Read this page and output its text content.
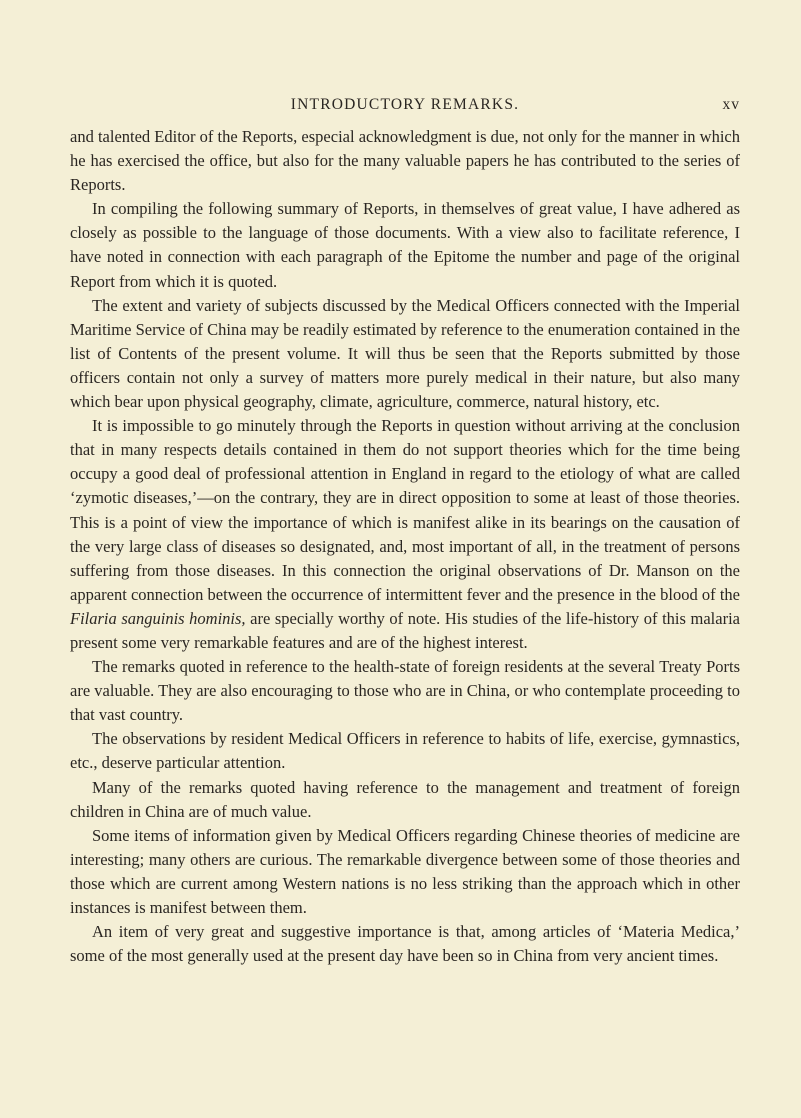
INTRODUCTORY REMARKS.	xv

and talented Editor of the Reports, especial acknowledgment is due, not only for the manner in which he has exercised the office, but also for the many valuable papers he has contributed to the series of Reports.

In compiling the following summary of Reports, in themselves of great value, I have adhered as closely as possible to the language of those documents. With a view also to facilitate reference, I have noted in connection with each paragraph of the Epitome the number and page of the original Report from which it is quoted.

The extent and variety of subjects discussed by the Medical Officers connected with the Imperial Maritime Service of China may be readily estimated by reference to the enumeration contained in the list of Contents of the present volume. It will thus be seen that the Reports submitted by those officers contain not only a survey of matters more purely medical in their nature, but also many which bear upon physical geography, climate, agriculture, commerce, natural history, etc.

It is impossible to go minutely through the Reports in question without arriving at the conclusion that in many respects details contained in them do not support theories which for the time being occupy a good deal of professional attention in England in regard to the etiology of what are called ‘zymotic diseases,’—on the contrary, they are in direct opposition to some at least of those theories. This is a point of view the importance of which is manifest alike in its bearings on the causation of the very large class of diseases so designated, and, most important of all, in the treatment of persons suffering from those diseases. In this connection the original observations of Dr. Manson on the apparent connection between the occurrence of intermittent fever and the presence in the blood of the Filaria sanguinis hominis, are specially worthy of note. His studies of the life-history of this malaria present some very remarkable features and are of the highest interest.

The remarks quoted in reference to the health-state of foreign residents at the several Treaty Ports are valuable. They are also encouraging to those who are in China, or who contemplate proceeding to that vast country.

The observations by resident Medical Officers in reference to habits of life, exercise, gymnastics, etc., deserve particular attention.

Many of the remarks quoted having reference to the management and treatment of foreign children in China are of much value.

Some items of information given by Medical Officers regarding Chinese theories of medicine are interesting; many others are curious. The remarkable divergence between some of those theories and those which are current among Western nations is no less striking than the approach which in other instances is manifest between them.

An item of very great and suggestive importance is that, among articles of ‘Materia Medica,’ some of the most generally used at the present day have been so in China from very ancient times.
